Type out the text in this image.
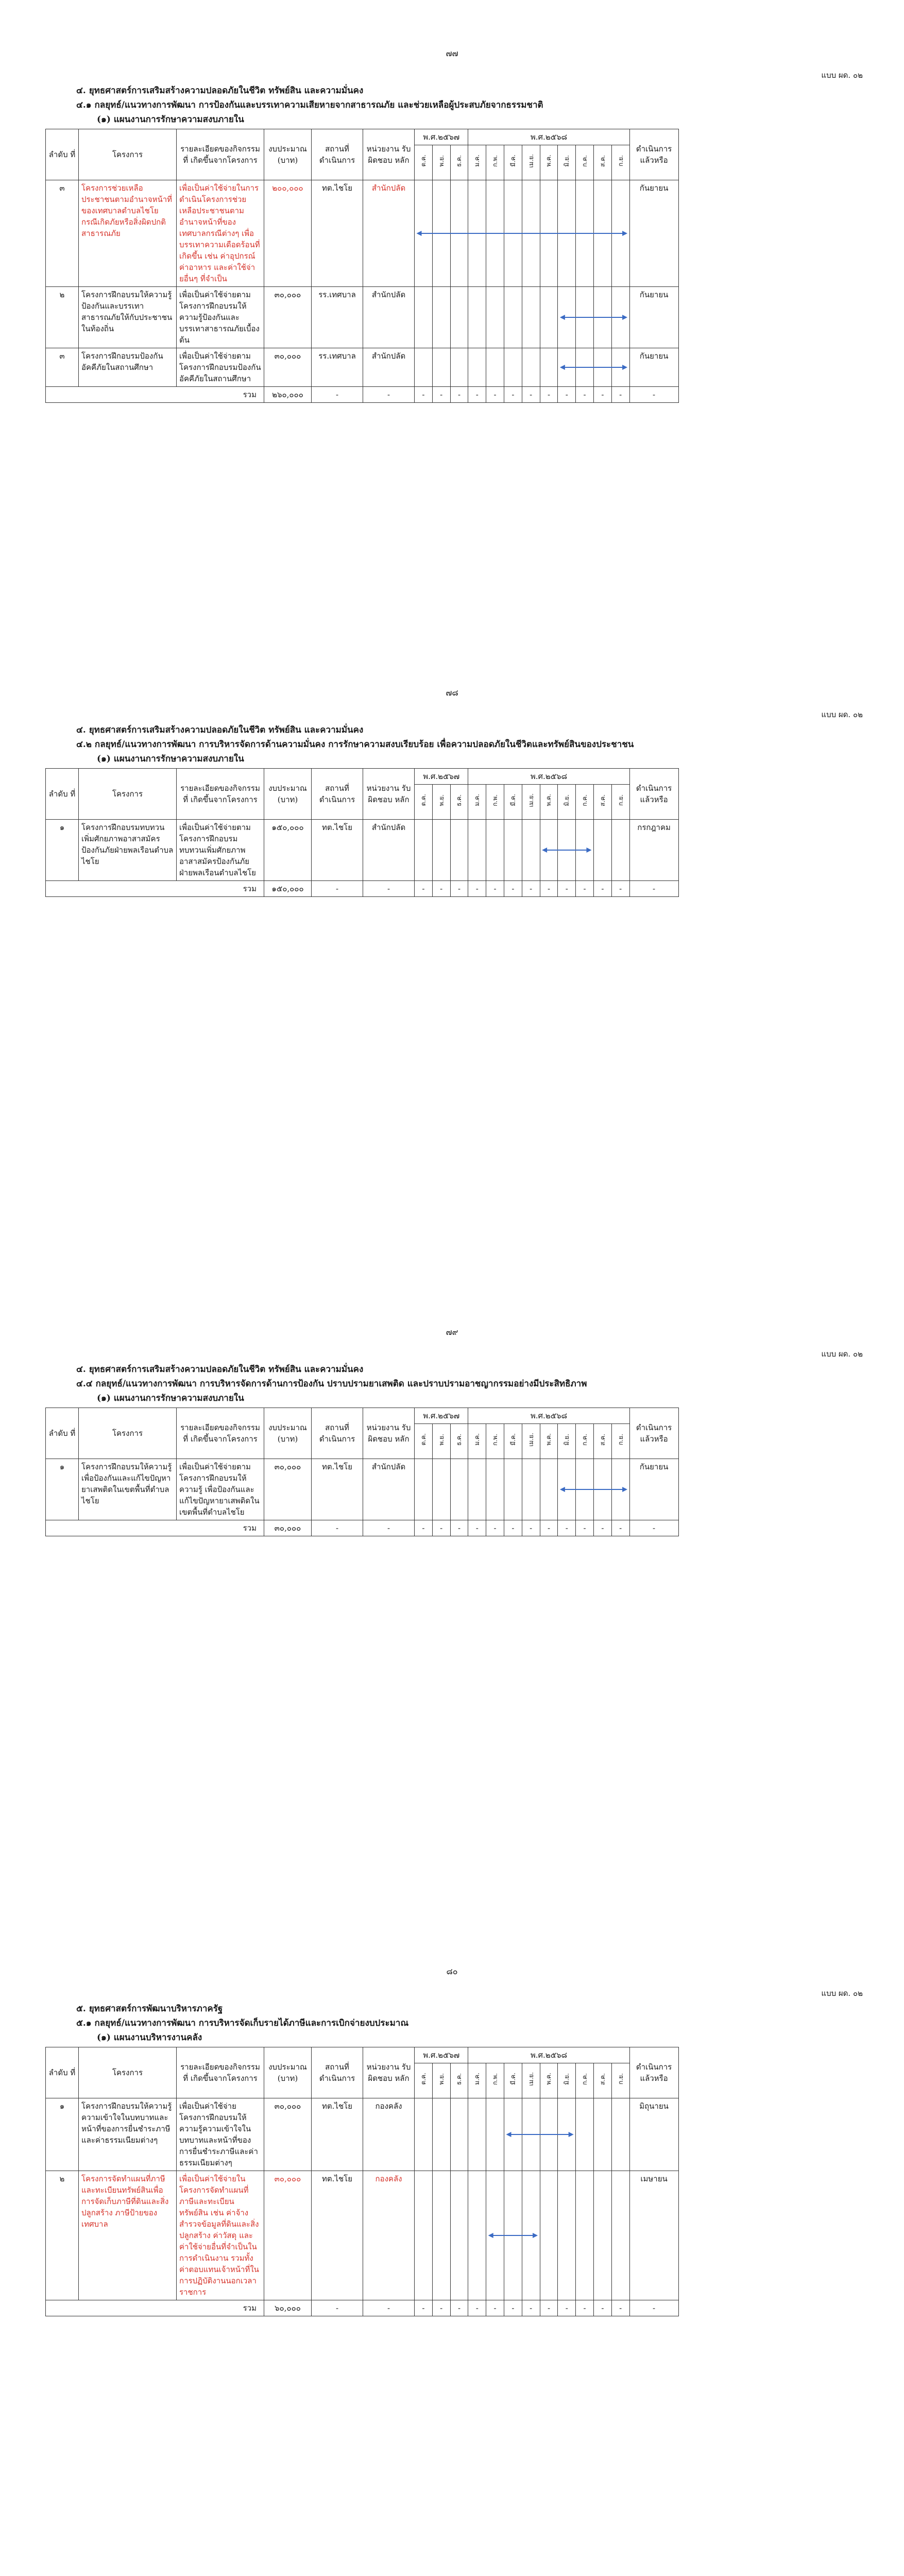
๗๗
แบบ ผด. ๐๒
๔. ยุทธศาสตร์การเสริมสร้างความปลอดภัยในชีวิต ทรัพย์สิน และความมั่นคง
๔.๑ กลยุทธ์/แนวทางการพัฒนา การป้องกันและบรรเทาความเสียหายจากสาธารณภัย และช่วยเหลือผู้ประสบภัยจากธรรมชาติ
(๑) แผนงานการรักษาความสงบภายใน
ลำดับ ที่	โครงการ	รายละเอียดของกิจกรรมที่ เกิดขึ้นจากโครงการ	งบประมาณ (บาท)	สถานที่ ดำเนินการ	หน่วยงาน รับผิดชอบ หลัก	พ.ศ.๒๕๖๗			พ.ศ.๒๕๖๘									ดำเนินการ แล้วหรือ
						ต.ค.	พ.ย.	ธ.ค.	ม.ค.	ก.พ.	มี.ค.	เม.ย.	พ.ค.	มิ.ย.	ก.ค.	ส.ค.	ก.ย.	
๓	โครงการช่วยเหลือประชาชนตามอำนาจหน้าที่ของเทศบาลตำบลไชโยกรณีเกิดภัยหรือสิ่งผิดปกติสาธารณภัย	เพื่อเป็นค่าใช้จ่ายในการดำเนินโครงการช่วยเหลือประชาชนตามอำนาจหน้าที่ของเทศบาลกรณีต่างๆ เพื่อบรรเทาความเดือดร้อนที่เกิดขึ้น เช่น ค่าอุปกรณ์ ค่าอาหาร และค่าใช้จ่ายอื่นๆ ที่จำเป็น	๒๐๐,๐๐๐	ทต.ไชโย	สำนักปลัด													กันยายน
๒	โครงการฝึกอบรมให้ความรู้ป้องกันและบรรเทาสาธารณภัยให้กับประชาชนในท้องถิ่น	เพื่อเป็นค่าใช้จ่ายตามโครงการฝึกอบรมให้ความรู้ป้องกันและบรรเทาสาธารณภัยเบื้องต้น	๓๐,๐๐๐	รร.เทศบาล	สำนักปลัด													กันยายน
๓	โครงการฝึกอบรมป้องกันอัคคีภัยในสถานศึกษา	เพื่อเป็นค่าใช้จ่ายตามโครงการฝึกอบรมป้องกันอัคคีภัยในสถานศึกษา	๓๐,๐๐๐	รร.เทศบาล	สำนักปลัด													กันยายน
รวม			๒๖๐,๐๐๐	-	-	-	-	-	-	-	-	-	-	-	-	-	-	-
๗๘
แบบ ผด. ๐๒
๔. ยุทธศาสตร์การเสริมสร้างความปลอดภัยในชีวิต ทรัพย์สิน และความมั่นคง
๔.๒ กลยุทธ์/แนวทางการพัฒนา การบริหารจัดการด้านความมั่นคง การรักษาความสงบเรียบร้อย เพื่อความปลอดภัยในชีวิตและทรัพย์สินของประชาชน
(๑) แผนงานการรักษาความสงบภายใน
ลำดับ ที่	โครงการ	รายละเอียดของกิจกรรมที่ เกิดขึ้นจากโครงการ	งบประมาณ (บาท)	สถานที่ ดำเนินการ	หน่วยงาน รับผิดชอบ หลัก	พ.ศ.๒๕๖๗			พ.ศ.๒๕๖๘									ดำเนินการ แล้วหรือ
						ต.ค.	พ.ย.	ธ.ค.	ม.ค.	ก.พ.	มี.ค.	เม.ย.	พ.ค.	มิ.ย.	ก.ค.	ส.ค.	ก.ย.	
๑	โครงการฝึกอบรมทบทวนเพิ่มศักยภาพอาสาสมัครป้องกันภัยฝ่ายพลเรือนตำบลไชโย	เพื่อเป็นค่าใช้จ่ายตามโครงการฝึกอบรมทบทวนเพิ่มศักยภาพอาสาสมัครป้องกันภัยฝ่ายพลเรือนตำบลไชโย	๑๕๐,๐๐๐	ทต.ไชโย	สำนักปลัด													กรกฎาคม
รวม			๑๕๐,๐๐๐	-	-	-	-	-	-	-	-	-	-	-	-	-	-	-
๗๙
แบบ ผด. ๐๒
๔. ยุทธศาสตร์การเสริมสร้างความปลอดภัยในชีวิต ทรัพย์สิน และความมั่นคง
๔.๔ กลยุทธ์/แนวทางการพัฒนา การบริหารจัดการด้านการป้องกัน ปราบปรามยาเสพติด และปราบปรามอาชญากรรมอย่างมีประสิทธิภาพ
(๑) แผนงานการรักษาความสงบภายใน
ลำดับ ที่	โครงการ	รายละเอียดของกิจกรรมที่ เกิดขึ้นจากโครงการ	งบประมาณ (บาท)	สถานที่ ดำเนินการ	หน่วยงาน รับผิดชอบ หลัก	พ.ศ.๒๕๖๗			พ.ศ.๒๕๖๘									ดำเนินการ แล้วหรือ
						ต.ค.	พ.ย.	ธ.ค.	ม.ค.	ก.พ.	มี.ค.	เม.ย.	พ.ค.	มิ.ย.	ก.ค.	ส.ค.	ก.ย.	
๑	โครงการฝึกอบรมให้ความรู้เพื่อป้องกันและแก้ไขปัญหายาเสพติดในเขตพื้นที่ตำบลไชโย	เพื่อเป็นค่าใช้จ่ายตามโครงการฝึกอบรมให้ความรู้ เพื่อป้องกันและแก้ไขปัญหายาเสพติดในเขตพื้นที่ตำบลไชโย	๓๐,๐๐๐	ทต.ไชโย	สำนักปลัด													กันยายน
รวม			๓๐,๐๐๐	-	-	-	-	-	-	-	-	-	-	-	-	-	-	-
๘๐
แบบ ผด. ๐๒
๕. ยุทธศาสตร์การพัฒนาบริหารภาครัฐ
๕.๑ กลยุทธ์/แนวทางการพัฒนา การบริหารจัดเก็บรายได้ภาษีและการเบิกจ่ายงบประมาณ
(๑) แผนงานบริหารงานคลัง
ลำดับ ที่	โครงการ	รายละเอียดของกิจกรรมที่ เกิดขึ้นจากโครงการ	งบประมาณ (บาท)	สถานที่ ดำเนินการ	หน่วยงาน รับผิดชอบ หลัก	พ.ศ.๒๕๖๗			พ.ศ.๒๕๖๘									ดำเนินการ แล้วหรือ
						ต.ค.	พ.ย.	ธ.ค.	ม.ค.	ก.พ.	มี.ค.	เม.ย.	พ.ค.	มิ.ย.	ก.ค.	ส.ค.	ก.ย.	
๑	โครงการฝึกอบรมให้ความรู้ความเข้าใจในบทบาทและหน้าที่ของการยื่นชำระภาษีและค่าธรรมเนียมต่างๆ	เพื่อเป็นค่าใช้จ่ายโครงการฝึกอบรมให้ความรู้ความเข้าใจในบทบาทและหน้าที่ของการยื่นชำระภาษีและค่าธรรมเนียมต่างๆ	๓๐,๐๐๐	ทต.ไชโย	กองคลัง													มิถุนายน
๒	โครงการจัดทำแผนที่ภาษีและทะเบียนทรัพย์สินเพื่อการจัดเก็บภาษีที่ดินและสิ่งปลูกสร้าง ภาษีป้ายของเทศบาล	เพื่อเป็นค่าใช้จ่ายในโครงการจัดทำแผนที่ภาษีและทะเบียนทรัพย์สิน เช่น ค่าจ้างสำรวจข้อมูลที่ดินและสิ่งปลูกสร้าง ค่าวัสดุ และค่าใช้จ่ายอื่นที่จำเป็นในการดำเนินงาน รวมทั้งค่าตอบแทนเจ้าหน้าที่ในการปฏิบัติงานนอกเวลาราชการ	๓๐,๐๐๐	ทต.ไชโย	กองคลัง													เมษายน
รวม			๖๐,๐๐๐	-	-	-	-	-	-	-	-	-	-	-	-	-	-	-
